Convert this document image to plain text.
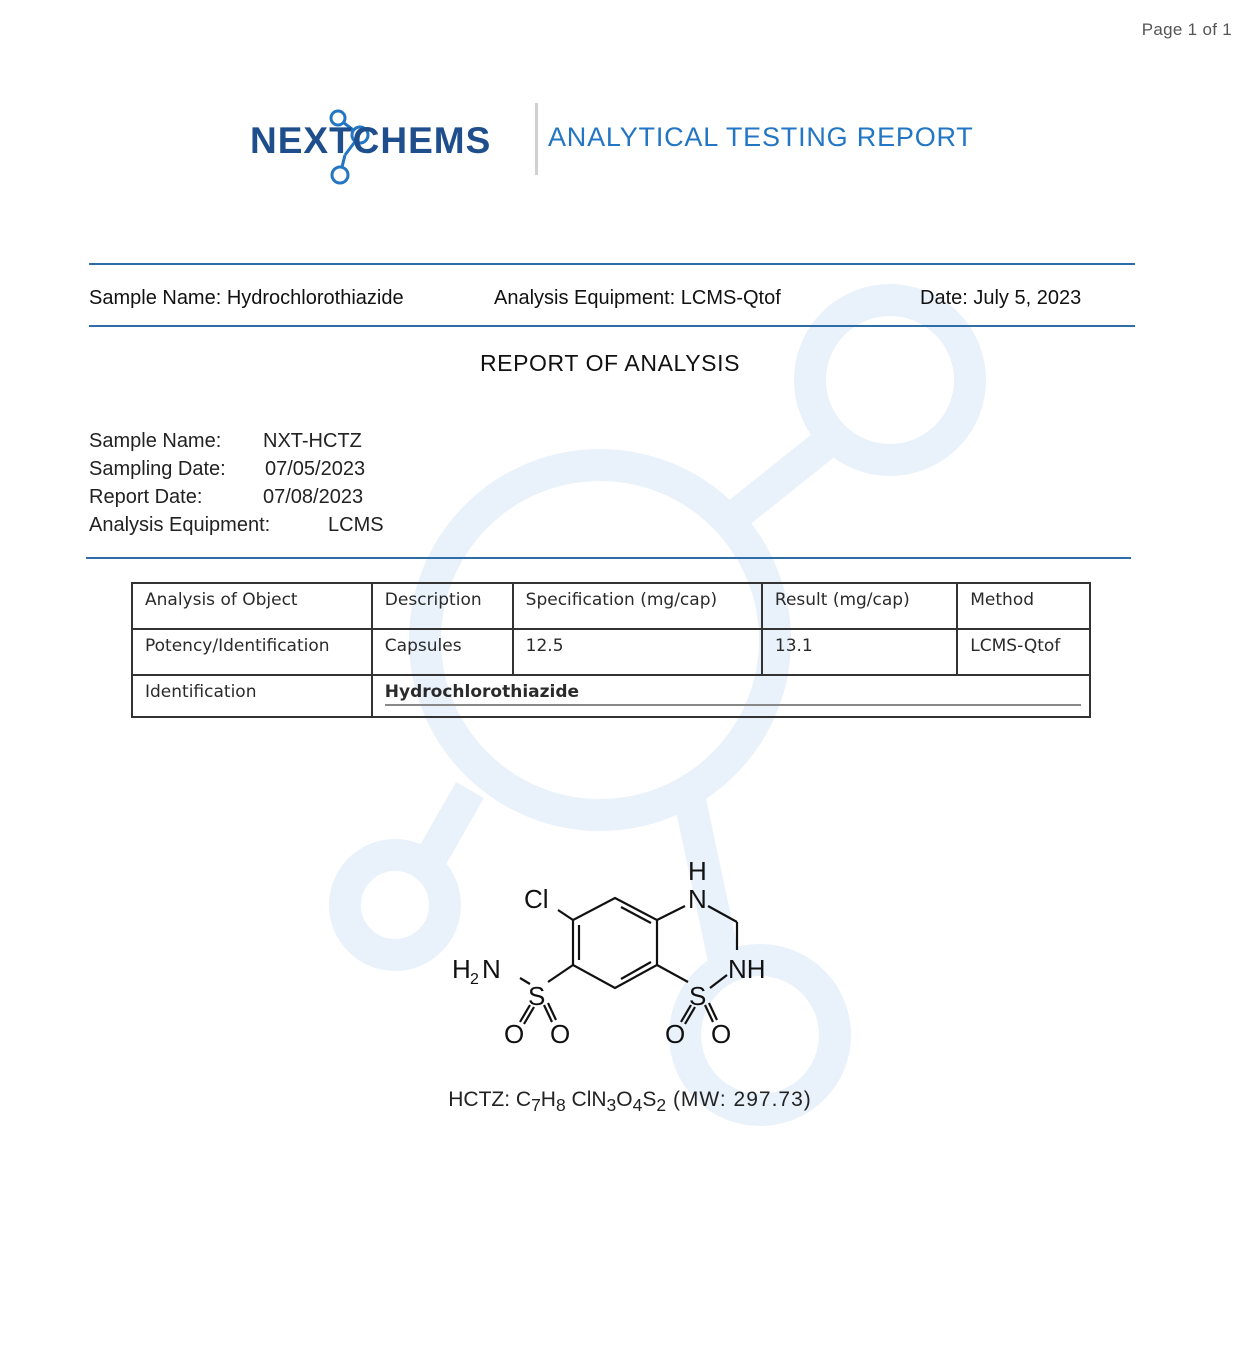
Page 1 of 1
NEXTCHEMS ANALYTICAL TESTING REPORT
Sample Name: Hydrochlorothiazide	Analysis Equipment: LCMS-Qtof	Date: July 5, 2023
REPORT OF ANALYSIS
Sample Name: NXT-HCTZ
Sampling Date: 07/05/2023
Report Date:	07/08/2023
Analysis Equipment:	LCMS
Analysis of Object	Description	Specification (mg/cap)	Result (mg/cap)	Method
Potency/Identification	Capsules	12.5	13.1	LCMS-Qtof
Identification	Hydrochlorothiazide			
Cl
H
N
NH
H 2 N
S	S
O O	O O
HCTZ: $C_7H_8$ $ClN_3O_4S_2$ (MW: 297.73)
